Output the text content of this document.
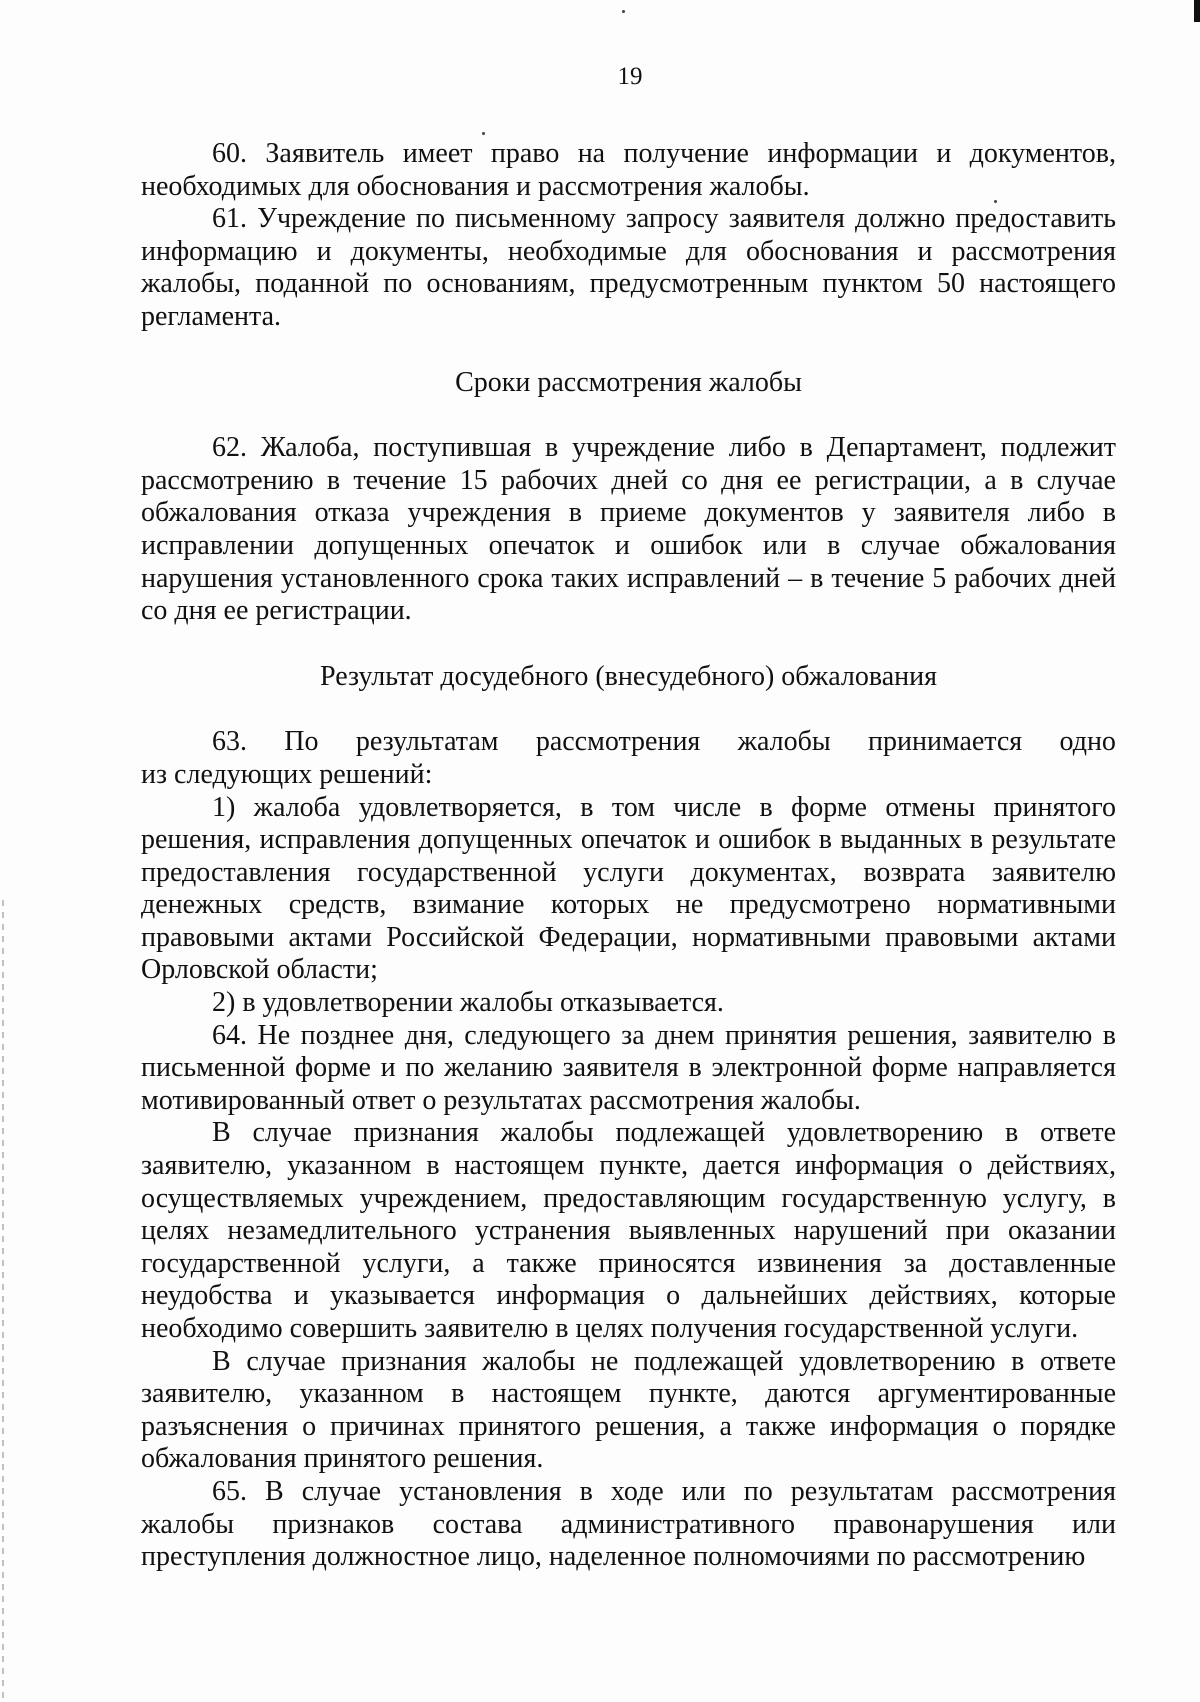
19

60. Заявитель имеет право на получение информации и документов, необходимых для обоснования и рассмотрения жалобы.

61. Учреждение по письменному запросу заявителя должно предоставить информацию и документы, необходимые для обоснования и рассмотрения жалобы, поданной по основаниям, предусмотренным пунктом 50 настоящего регламента.

Сроки рассмотрения жалобы

62. Жалоба, поступившая в учреждение либо в Департамент, подлежит рассмотрению в течение 15 рабочих дней со дня ее регистрации, а в случае обжалования отказа учреждения в приеме документов у заявителя либо в исправлении допущенных опечаток и ошибок или в случае обжалования нарушения установленного срока таких исправлений – в течение 5 рабочих дней со дня ее регистрации.

Результат досудебного (внесудебного) обжалования

63. По результатам рассмотрения жалобы принимается одно

из следующих решений:

1) жалоба удовлетворяется, в том числе в форме отмены принятого решения, исправления допущенных опечаток и ошибок в выданных в результате предоставления государственной услуги документах, возврата заявителю денежных средств, взимание которых не предусмотрено нормативными правовыми актами Российской Федерации, нормативными правовыми актами Орловской области;

2) в удовлетворении жалобы отказывается.

64. Не позднее дня, следующего за днем принятия решения, заявителю в письменной форме и по желанию заявителя в электронной форме направляется мотивированный ответ о результатах рассмотрения жалобы.

В случае признания жалобы подлежащей удовлетворению в ответе заявителю, указанном в настоящем пункте, дается информация о действиях, осуществляемых учреждением, предоставляющим государственную услугу, в целях незамедлительного устранения выявленных нарушений при оказании государственной услуги, а также приносятся извинения за доставленные неудобства и указывается информация о дальнейших действиях, которые необходимо совершить заявителю в целях получения государственной услуги.

В случае признания жалобы не подлежащей удовлетворению в ответе заявителю, указанном в настоящем пункте, даются аргументированные разъяснения о причинах принятого решения, а также информация о порядке обжалования принятого решения.

65. В случае установления в ходе или по результатам рассмотрения жалобы признаков состава административного правонарушения или преступления должностное лицо, наделенное полномочиями по рассмотрению
